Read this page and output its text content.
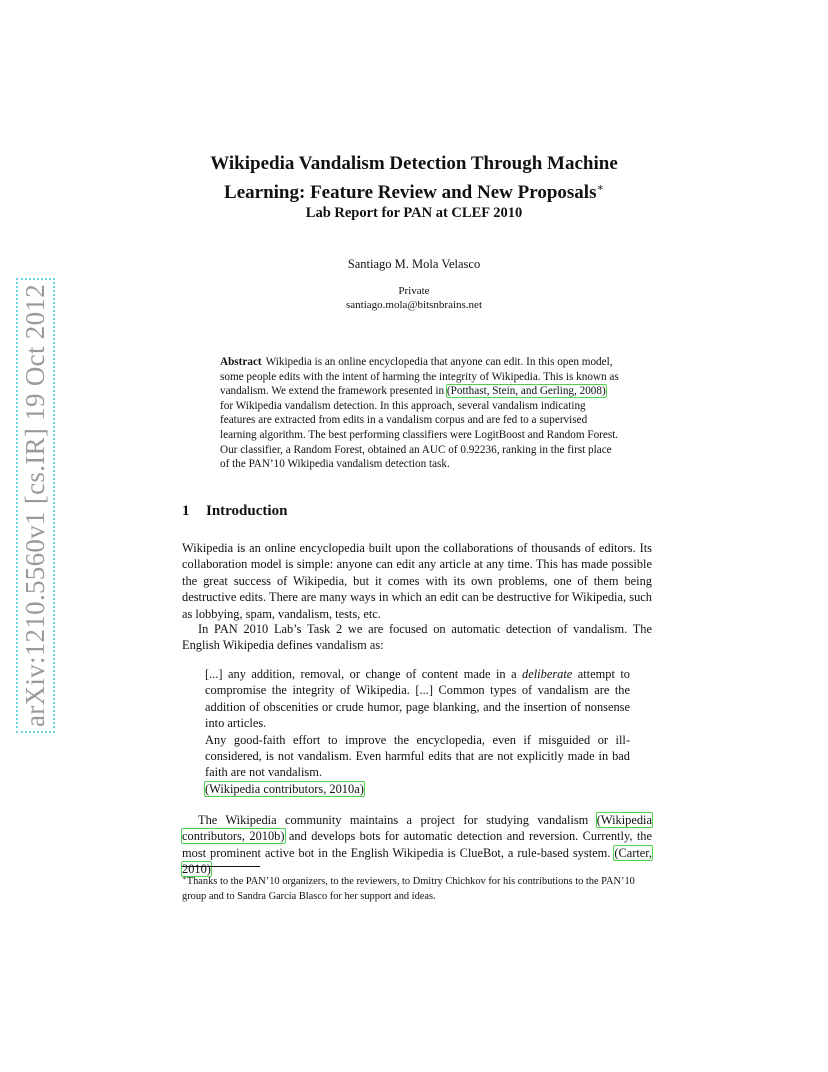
arXiv:1210.5560v1 [cs.IR] 19 Oct 2012
Wikipedia Vandalism Detection Through Machine
Learning: Feature Review and New Proposals∗
Lab Report for PAN at CLEF 2010
Santiago M. Mola Velasco
Private
santiago.mola@bitsnbrains.net
Abstract Wikipedia is an online encyclopedia that anyone can edit. In this open model, some people edits with the intent of harming the integrity of Wikipedia. This is known as vandalism. We extend the framework presented in (Potthast, Stein, and Gerling, 2008) for Wikipedia vandalism detection. In this approach, several vandalism indicating features are extracted from edits in a vandalism corpus and are fed to a supervised learning algorithm. The best performing classifiers were LogitBoost and Random Forest. Our classifier, a Random Forest, obtained an AUC of 0.92236, ranking in the first place of the PAN’10 Wikipedia vandalism detection task.
1 Introduction
Wikipedia is an online encyclopedia built upon the collaborations of thousands of editors. Its collaboration model is simple: anyone can edit any article at any time. This has made possible the great success of Wikipedia, but it comes with its own problems, one of them being destructive edits. There are many ways in which an edit can be destructive for Wikipedia, such as lobbying, spam, vandalism, tests, etc.
In PAN 2010 Lab’s Task 2 we are focused on automatic detection of vandalism. The English Wikipedia defines vandalism as:
[...] any addition, removal, or change of content made in a deliberate attempt to compromise the integrity of Wikipedia. [...] Common types of vandalism are the addition of obscenities or crude humor, page blanking, and the insertion of nonsense into articles.
Any good-faith effort to improve the encyclopedia, even if misguided or ill-considered, is not vandalism. Even harmful edits that are not explicitly made in bad faith are not vandalism.
(Wikipedia contributors, 2010a)
The Wikipedia community maintains a project for studying vandalism (Wikipedia contributors, 2010b) and develops bots for automatic detection and reversion. Currently, the most prominent active bot in the English Wikipedia is ClueBot, a rule-based system. (Carter, 2010)
∗Thanks to the PAN’10 organizers, to the reviewers, to Dmitry Chichkov for his contributions to the PAN’10 group and to Sandra García Blasco for her support and ideas.
